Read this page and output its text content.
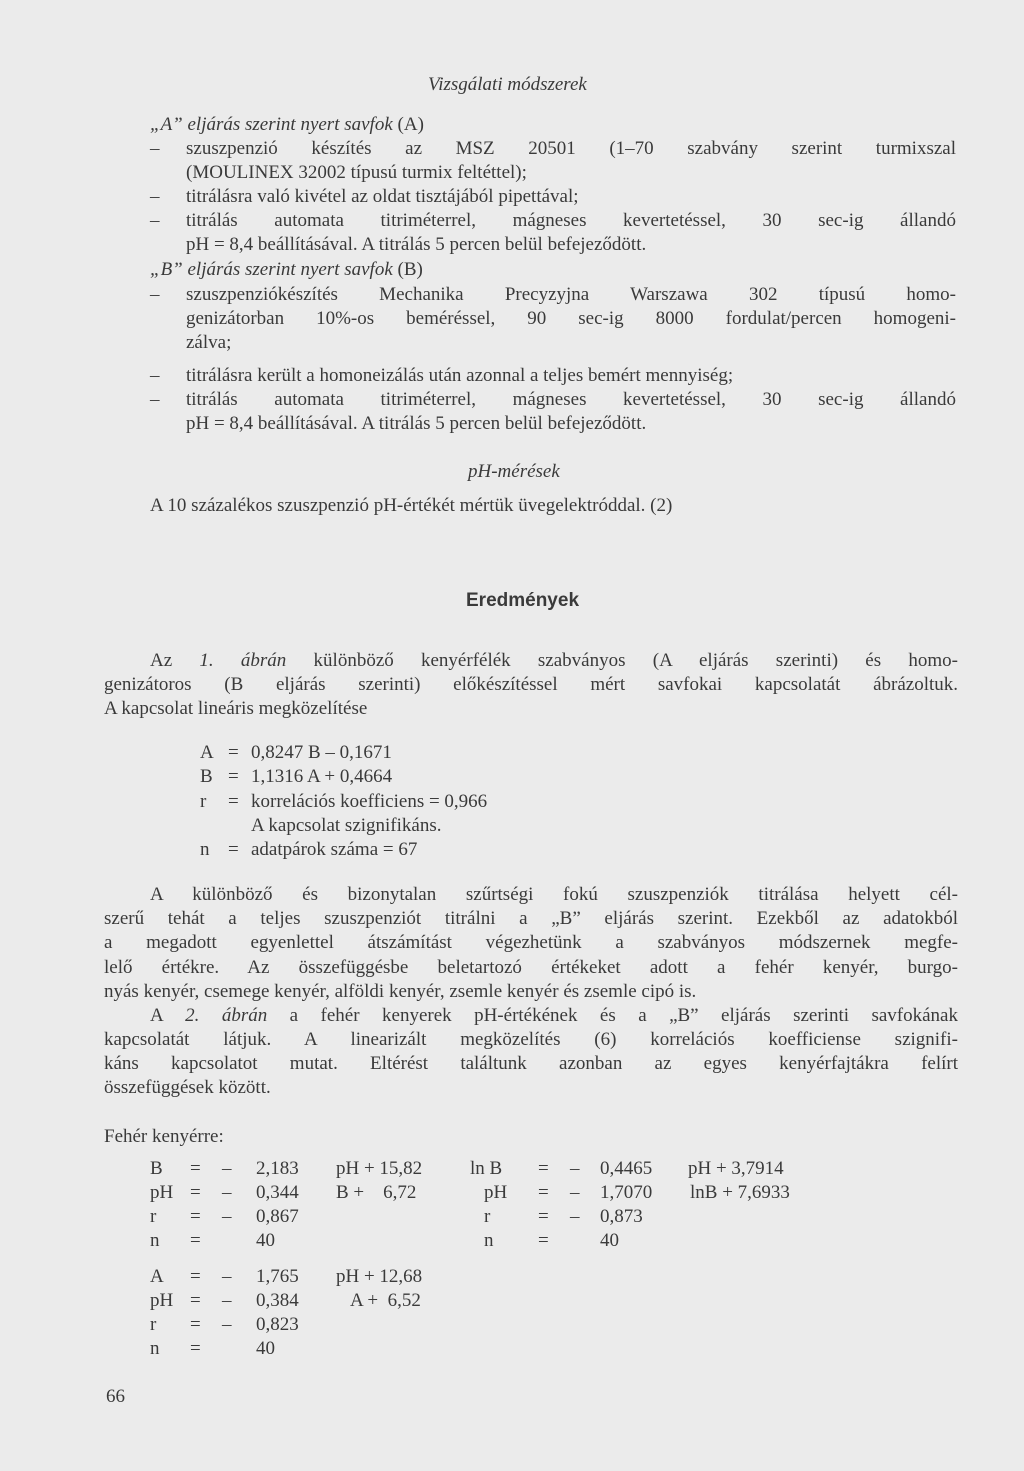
Vizsgálati módszerek
„A” eljárás szerint nyert savfok (A)
– szuszpenzió készítés az MSZ 20501 (1–70 szabvány szerint turmixszal
(MOULINEX 32002 típusú turmix feltéttel);
– titrálásra való kivétel az oldat tisztájából pipettával;
– titrálás automata titriméterrel, mágneses kevertetéssel, 30 sec-ig állandó
pH = 8,4 beállításával. A titrálás 5 percen belül befejeződött.
„B” eljárás szerint nyert savfok (B)
– szuszpenziókészítés Mechanika Precyzyjna Warszawa 302 típusú homo-
genizátorban 10%-os beméréssel, 90 sec-ig 8000 fordulat/percen homogeni-
zálva;
– titrálásra került a homoneizálás után azonnal a teljes bemért mennyiség;
– titrálás automata titriméterrel, mágneses kevertetéssel, 30 sec-ig állandó
pH = 8,4 beállításával. A titrálás 5 percen belül befejeződött.
pH-mérések
A 10 százalékos szuszpenzió pH-értékét mértük üvegelektróddal. (2)
Eredmények
Az 1. ábrán különböző kenyérfélék szabványos (A eljárás szerinti) és homo-
genizátoros (B eljárás szerinti) előkészítéssel mért savfokai kapcsolatát ábrázoltuk.
A kapcsolat lineáris megközelítése
A = 0,8247 B – 0,1671
B = 1,1316 A + 0,4664
r = korrelációs koefficiens = 0,966
A kapcsolat szignifikáns.
n = adatpárok száma = 67
A különböző és bizonytalan szűrtségi fokú szuszpenziók titrálása helyett cél-
szerű tehát a teljes szuszpenziót titrálni a „B” eljárás szerint. Ezekből az adatokból
a megadott egyenlettel átszámítást végezhetünk a szabványos módszernek megfe-
lelő értékre. Az összefüggésbe beletartozó értékeket adott a fehér kenyér, burgo-
nyás kenyér, csemege kenyér, alföldi kenyér, zsemle kenyér és zsemle cipó is.
A 2. ábrán a fehér kenyerek pH-értékének és a „B” eljárás szerinti savfokának
kapcsolatát látjuk. A linearizált megközelítés (6) korrelációs koefficiense szignifi-
káns kapcsolatot mutat. Eltérést találtunk azonban az egyes kenyérfajtákra felírt
összefüggések között.
Fehér kenyérre:
B = – 2,183 pH + 15,82
pH = – 0,344 B +    6,72
r = – 0,867
n =	40
ln B = – 0,4465 pH + 3,7914
pH = – 1,7070 lnB + 7,6933
r	= – 0,873
n =	40
A = – 1,765 pH + 12,68
pH = – 0,384	A +  6,52
r = – 0,823
n =	40
66
